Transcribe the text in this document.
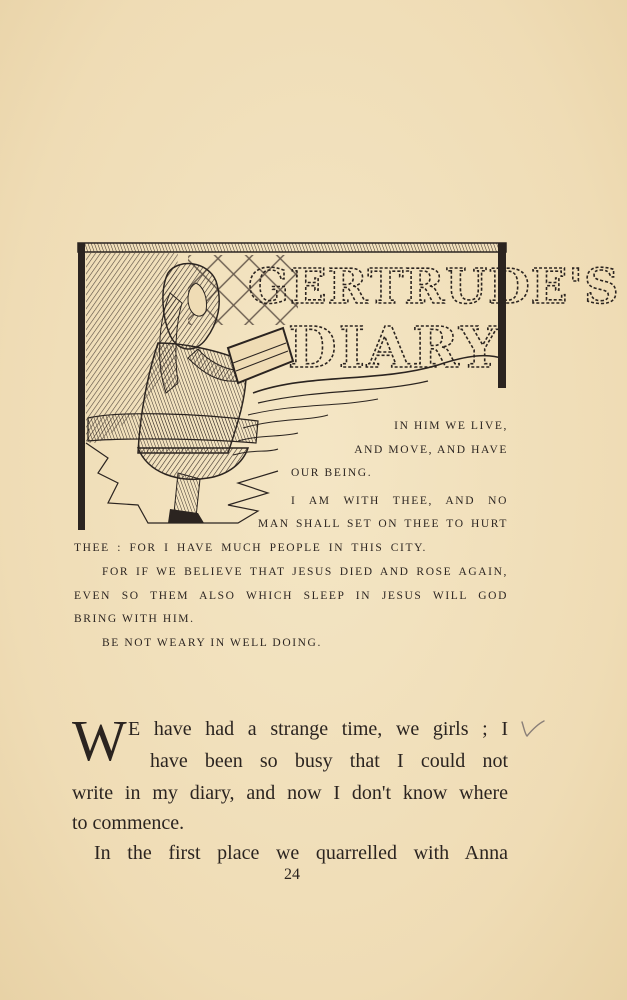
GERTRUDE'S
DIARY

IN HIM WE LIVE,

AND MOVE, AND HAVE

OUR BEING.

I AM WITH THEE, AND NO

MAN SHALL SET ON THEE TO HURT

THEE : FOR I HAVE MUCH PEOPLE IN THIS CITY.

FOR IF WE BELIEVE THAT JESUS DIED AND ROSE AGAIN,

EVEN SO THEM ALSO WHICH SLEEP IN JESUS WILL GOD

BRING WITH HIM.

BE NOT WEARY IN WELL DOING.

W E have had a strange time, we girls ; I

have been so busy that I could not

write in my diary, and now I don't know where

to commence.

In the first place we quarrelled with Anna

24
